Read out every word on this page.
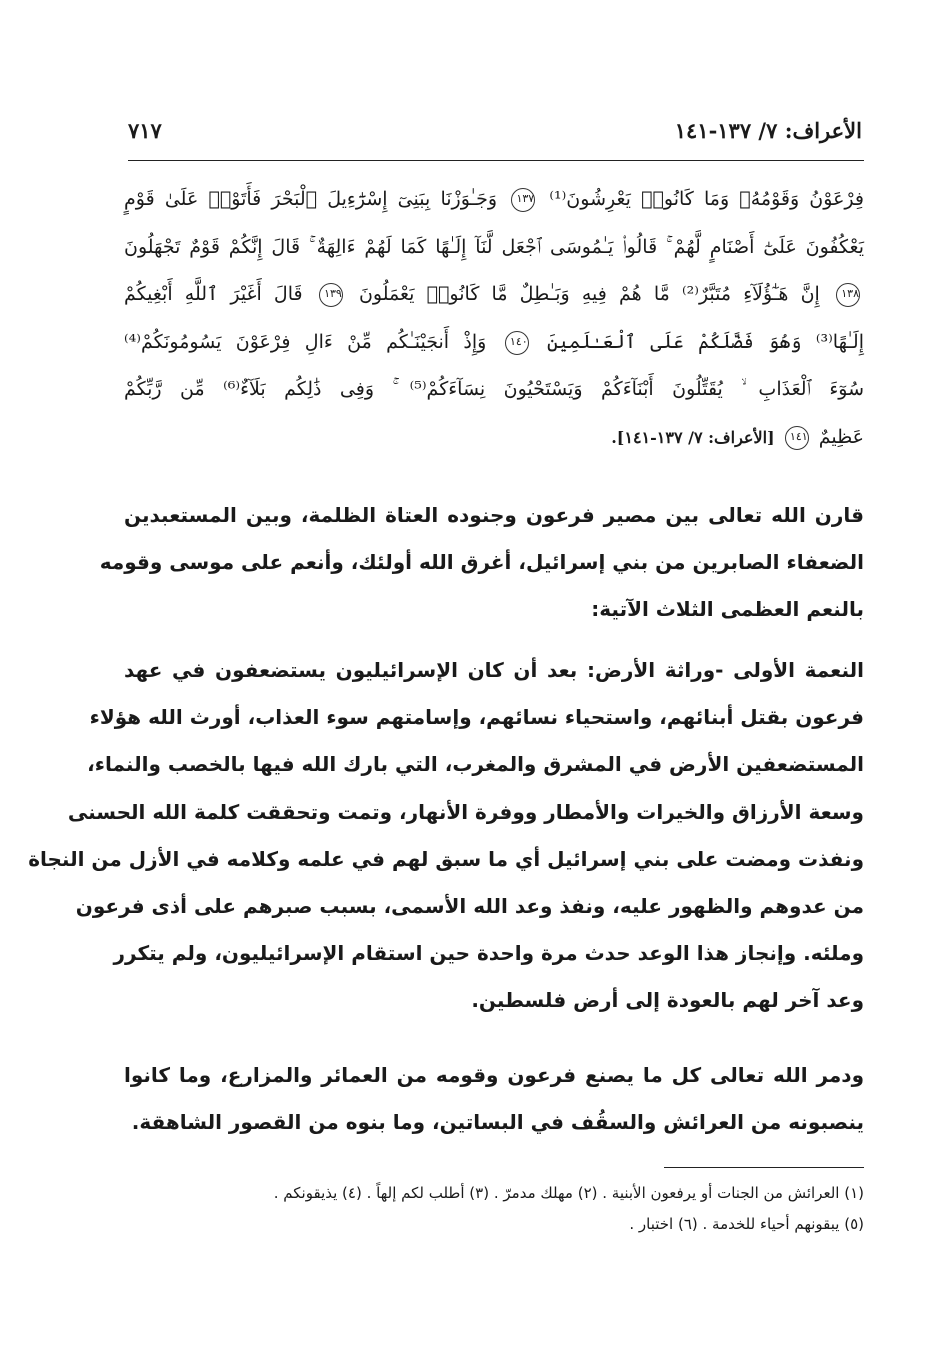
الأعراف: ٧/ ١٣٧-١٤١
٧١٧
فِرْعَوْنُ وَقَوْمُهُۥ وَمَا كَانُوا۟ يَعْرِشُونَ⁽¹⁾ ١٣٧ وَجَـٰوَزْنَا بِبَنِىٓ إِسْرَٰٓءِيلَ ٱلْبَحْرَ فَأَتَوْا۟ عَلَىٰ قَوْمٍ
يَعْكُفُونَ عَلَىٰٓ أَصْنَامٍ لَّهُمْ ۚ قَالُوا۟ يَـٰمُوسَى ٱجْعَل لَّنَآ إِلَـٰهًا كَمَا لَهُمْ ءَالِهَةٌ ۚ قَالَ إِنَّكُمْ قَوْمٌ تَجْهَلُونَ
١٣٨ إِنَّ هَـٰٓؤُلَآءِ مُتَبَّرٌ⁽²⁾ مَّا هُمْ فِيهِ وَبَـٰطِلٌ مَّا كَانُوا۟ يَعْمَلُونَ ١٣٩ قَالَ أَغَيْرَ ٱللَّهِ أَبْغِيكُمْ
إِلَـٰهًا⁽³⁾ وَهُوَ فَضَّلَكُمْ عَلَى ٱلْعَـٰلَمِينَ ١٤٠ وَإِذْ أَنجَيْنَـٰكُم مِّنْ ءَالِ فِرْعَوْنَ يَسُومُونَكُمْ⁽⁴⁾
سُوٓءَ ٱلْعَذَابِ ۙ يُقَتِّلُونَ أَبْنَآءَكُمْ وَيَسْتَحْيُونَ نِسَآءَكُمْ⁽⁵⁾ ۚ وَفِى ذَٰلِكُم بَلَآءٌ⁽⁶⁾ مِّن رَّبِّكُمْ
عَظِيمٌ ١٤١ [الأعراف: ٧/ ١٣٧-١٤١].
قارن الله تعالى بين مصير فرعون وجنوده العتاة الظلمة، وبين المستعبدين
الضعفاء الصابرين من بني إسرائيل، أغرق الله أولئك، وأنعم على موسى وقومه
بالنعم العظمى الثلاث الآتية:
النعمة الأولى -وراثة الأرض: بعد أن كان الإسرائيليون يستضعفون في عهد
فرعون بقتل أبنائهم، واستحياء نسائهم، وإسامتهم سوء العذاب، أورث الله هؤلاء
المستضعفين الأرض في المشرق والمغرب، التي بارك الله فيها بالخصب والنماء،
وسعة الأرزاق والخيرات والأمطار ووفرة الأنهار، وتمت وتحققت كلمة الله الحسنى
ونفذت ومضت على بني إسرائيل أي ما سبق لهم في علمه وكلامه في الأزل من النجاة
من عدوهم والظهور عليه، ونفذ وعد الله الأسمى، بسبب صبرهم على أذى فرعون
وملئه. وإنجاز هذا الوعد حدث مرة واحدة حين استقام الإسرائيليون، ولم يتكرر
وعد آخر لهم بالعودة إلى أرض فلسطين.
ودمر الله تعالى كل ما يصنع فرعون وقومه من العمائر والمزارع، وما كانوا
ينصبونه من العرائش والسقُف في البساتين، وما بنوه من القصور الشاهقة.
(١) العرائش من الجنات أو يرفعون الأبنية . (٢) مهلك مدمرّ . (٣) أطلب لكم إلهاً . (٤) يذيقونكم .
(٥) يبقونهم أحياء للخدمة . (٦) اختبار .
